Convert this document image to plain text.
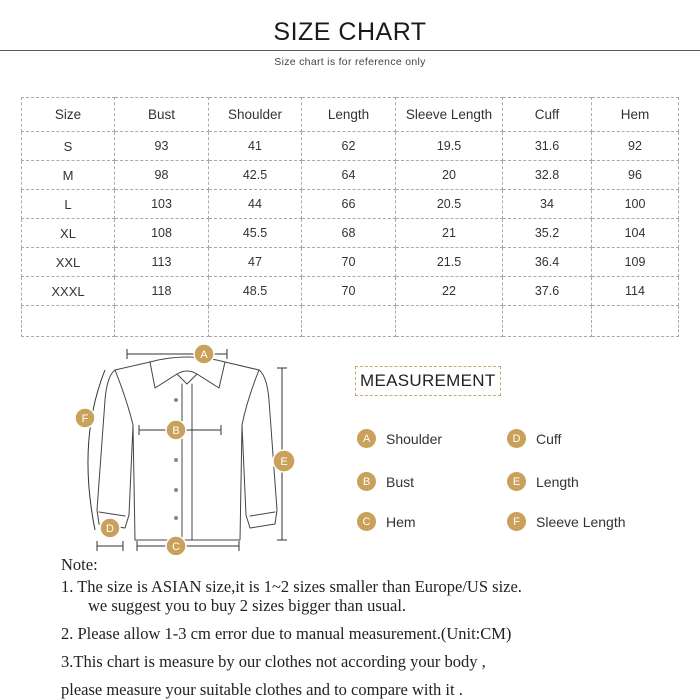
SIZE CHART
Size chart is for reference only
Size	Bust	Shoulder	Length	Sleeve Length	Cuff	Hem
S	93	41	62	19.5	31.6	92
M	98	42.5	64	20	32.8	96
L	103	44	66	20.5	34	100
XL	108	45.5	68	21	35.2	104
XXL	113	47	70	21.5	36.4	109
XXXL	118	48.5	70	22	37.6	114

A
B
C
D
E
F
MEASUREMENT
A	Shoulder
B	Bust
C	Hem
D	Cuff
E	Length
F	Sleeve Length
Note:
1. The size is ASIAN size,it is 1~2 sizes smaller than Europe/US size.
we suggest you to buy 2 sizes bigger than usual.
2. Please allow 1-3 cm error due to manual measurement.(Unit:CM)
3.This chart is measure by our clothes not according your body ,
please measure your suitable clothes and to compare with it .
